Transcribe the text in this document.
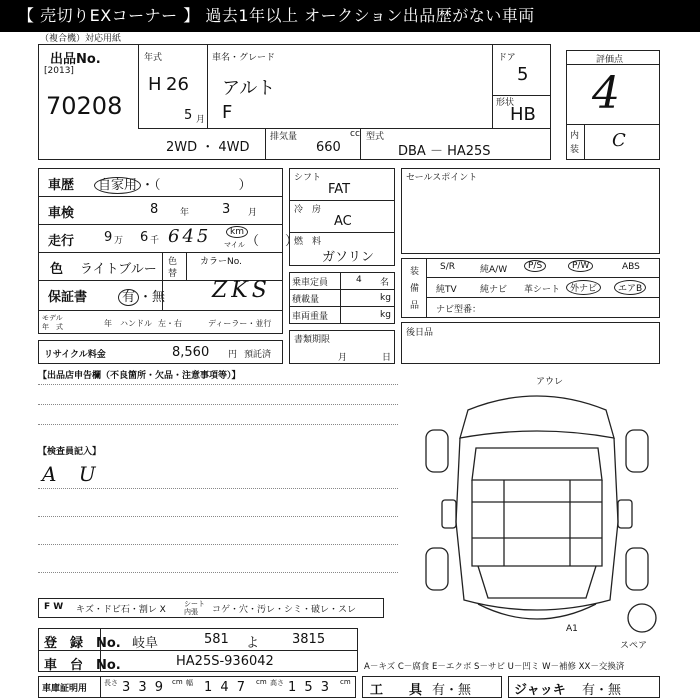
【 売切りEXコーナー 】 過去1年以上 オークション出品歴がない車両
（複合機）対応用紙
出品No.
[2013]
70208
年式
H 26
5 月
車名・グレード
アルト
F
ドア
5
形状
HB
2WD ・ 4WD
排気量	cc
660
型式
DBA － HA25S
評価点
4
内
装 C
車歴	自家用 ・（　　　　　　）
車検	8 年	3 月
走行 9 万 6 千 645	km
マイル （　　）
色 ライトブルー 色
替
カラーNo.
保証書	有 ・無 ZKS
モデル
年　式	年 ハンドル 左・右	ディーラー・並行
リサイクル料金	8,560 円 預託済
シフト
FAT
冷　房
AC
燃　料
ガソリン
乗車定員	4 名
積載量	kg
車両重量	kg
書類期限
月	日
セールスポイント
装
備
品
S/R	純A/W	P/S	P/W	ABS
純TV	純ナビ 革シート	外ナビ	エアB
ナビ型番：
後日品
【出品店申告欄（不良箇所・欠品・注意事項等）】
【検査員記入】
A U
アウレ
A1
スペア
F W キズ・ドビ石・割レ X
シート
内張 コゲ・穴・汚レ・シミ・破レ・スレ
登　録　No. 岐阜	581 よ	3815
車　台　No.	HA25S-936042	A－キズ C－腐食 E－エクボ S－サビ U－凹ミ W－補修 XX－交換済
車庫証明用
長さ 3 3 9 cm 幅 1 4 7 cm 高さ 1 5 3 cm
工　　具 有・無	ジャッキ 有・無
